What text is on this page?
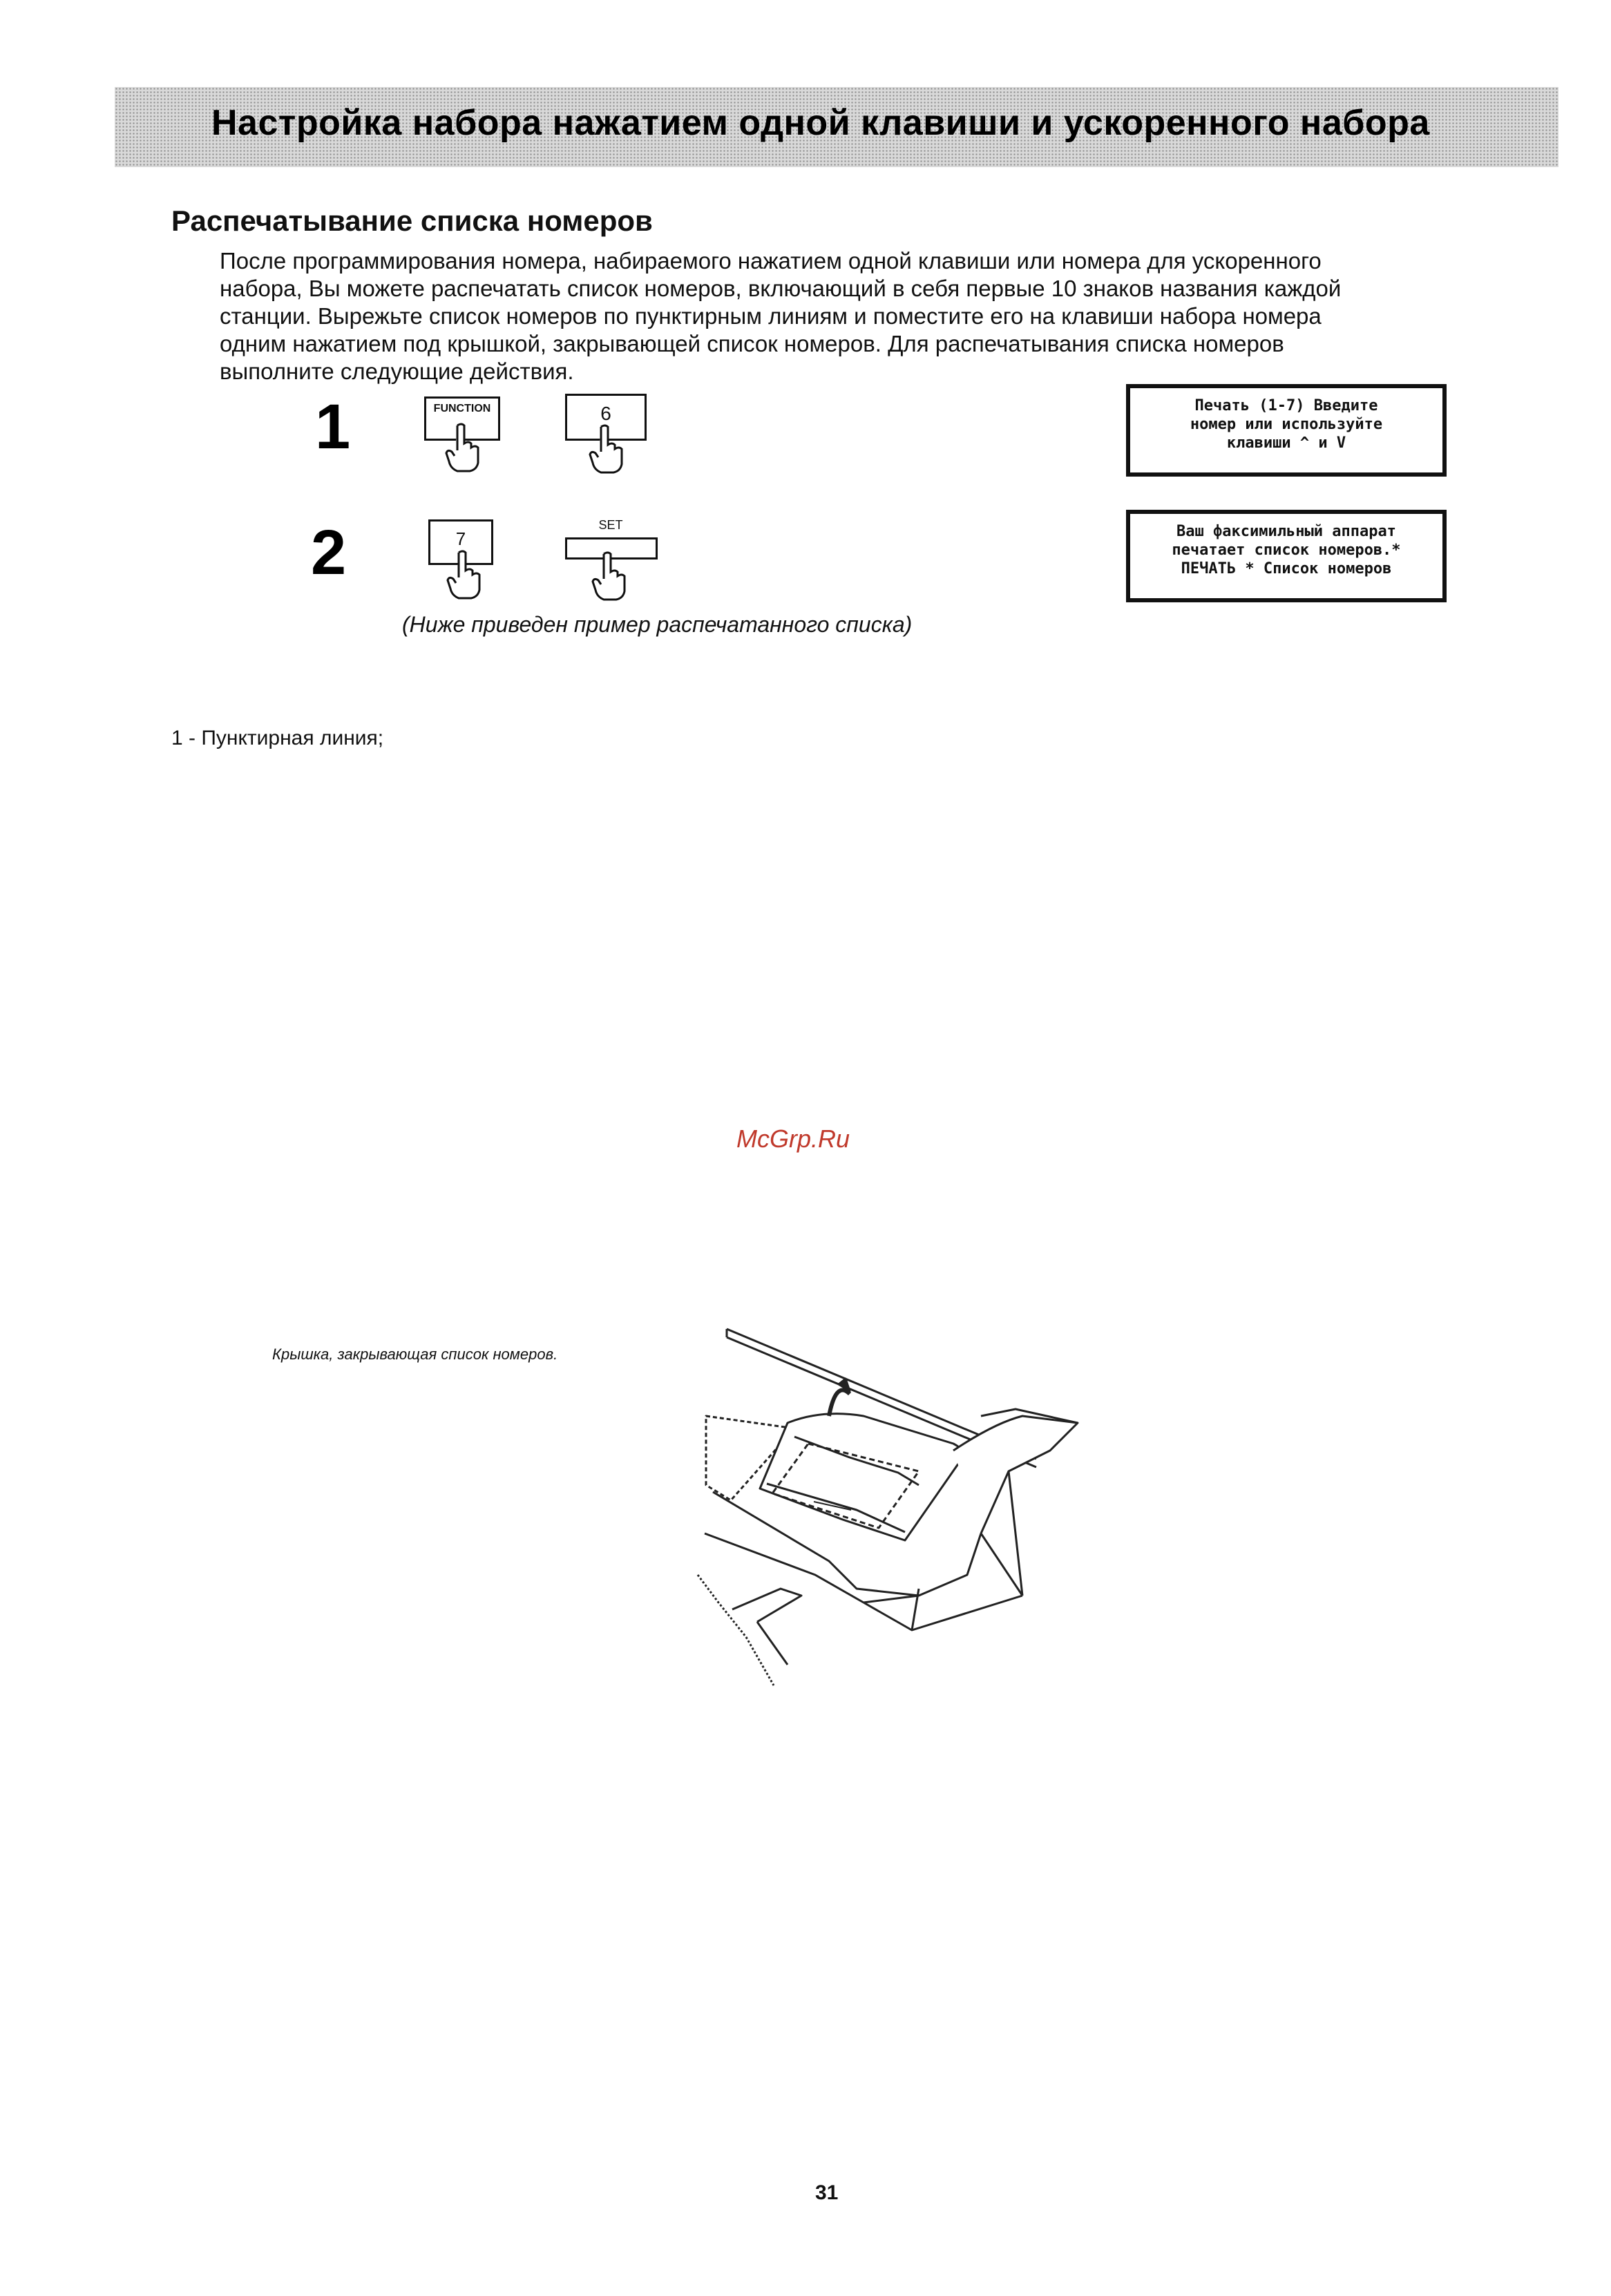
Настройка набора нажатием одной клавиши и ускоренного набора
Распечатывание списка номеров
После программирования номера, набираемого нажатием одной клавиши или номера для ускоренного
набора, Вы можете распечатать список номеров, включающий в себя первые 10 знаков названия каждой
станции. Вырежьте список номеров по пунктирным линиям и поместите его на клавиши набора номера
одним нажатием под крышкой, закрывающей список номеров. Для распечатывания списка номеров
выполните следующие действия.
1	FUNCTION	6	Печать (1-7) Введите
номер или используйте
клавиши ^ и V
2	7
SET	Ваш факсимильный аппарат
печатает список номеров.*
ПЕЧАТЬ * Список номеров
(Ниже приведен пример распечатанного списка)
1 - Пунктирная линия;
McGrp.Ru
Крышка, закрывающая список номеров.
31
